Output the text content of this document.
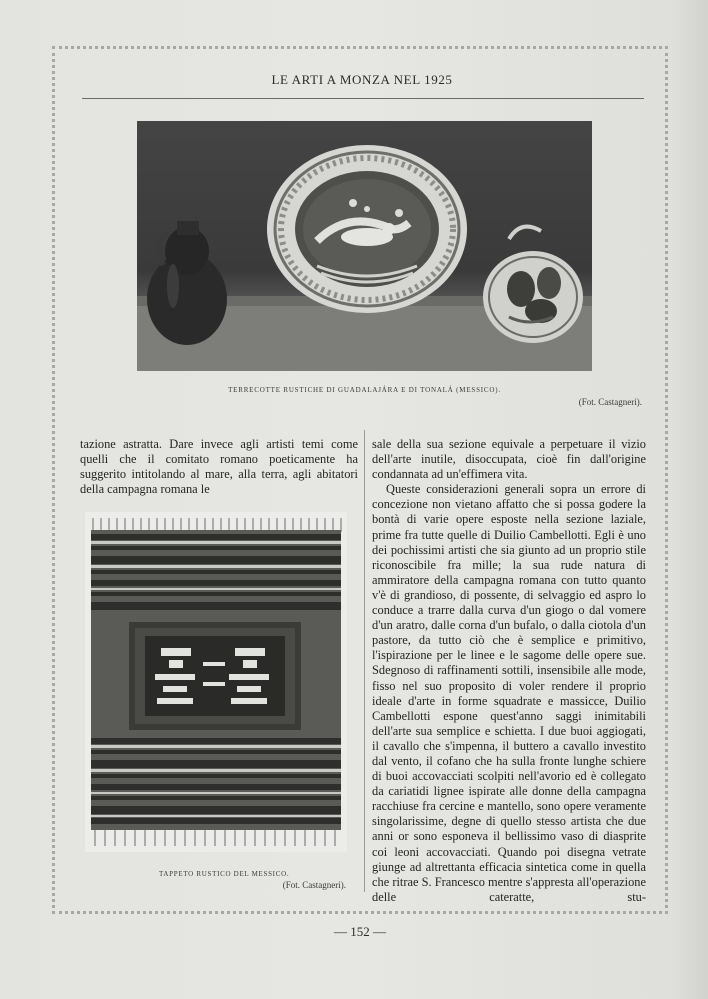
LE ARTI A MONZA NEL 1925
TERRECOTTE RUSTICHE DI GUADALAJÁRA E DI TONALÁ (MESSICO).
(Fot. Castagneri).

tazione astratta. Dare invece agli artisti temi come quelli che il comitato romano poeticamente ha suggerito intitolando al mare, alla terra, agli abitatori della campagna romana le

TAPPETO RUSTICO DEL MESSICO.
(Fot. Castagneri).

sale della sua sezione equivale a perpetuare il vizio dell'arte inutile, disoccupata, cioè fin dall'origine condannata ad un'effimera vita.

Queste considerazioni generali sopra un errore di concezione non vietano affatto che si possa godere la bontà di varie opere esposte nella sezione laziale, prime fra tutte quelle di Duilio Cambellotti. Egli è uno dei pochissimi artisti che sia giunto ad un proprio stile riconoscibile fra mille; la sua rude natura di ammiratore della campagna romana con tutto quanto v'è di grandioso, di possente, di selvaggio ed aspro lo conduce a trarre dalla curva d'un giogo o dal vomere d'un aratro, dalle corna d'un bufalo, o dalla ciotola d'un pastore, da tutto ciò che è semplice e primitivo, l'ispirazione per le linee e le sagome delle opere sue. Sdegnoso di raffinamenti sottili, insensibile alle mode, fisso nel suo proposito di voler rendere il proprio ideale d'arte in forme squadrate e massicce, Duilio Cambellotti espone quest'anno saggi inimitabili dell'arte sua semplice e schietta. I due buoi aggiogati, il cavallo che s'impenna, il buttero a cavallo investito dal vento, il cofano che ha sulla fronte lunghe schiere di buoi accovacciati scolpiti nell'avorio ed è collegato da cariatidi lignee ispirate alle donne della campagna racchiuse fra cercine e mantello, sono opere veramente singolarissime, degne di quello stesso artista che due anni or sono esponeva il bellissimo vaso di diasprite coi leoni accovacciati. Quando poi disegna vetrate giunge ad altrettanta efficacia sintetica come in quella che ritrae S. Francesco mentre s'appresta all'operazione delle cateratte, stu-

— 152 —
